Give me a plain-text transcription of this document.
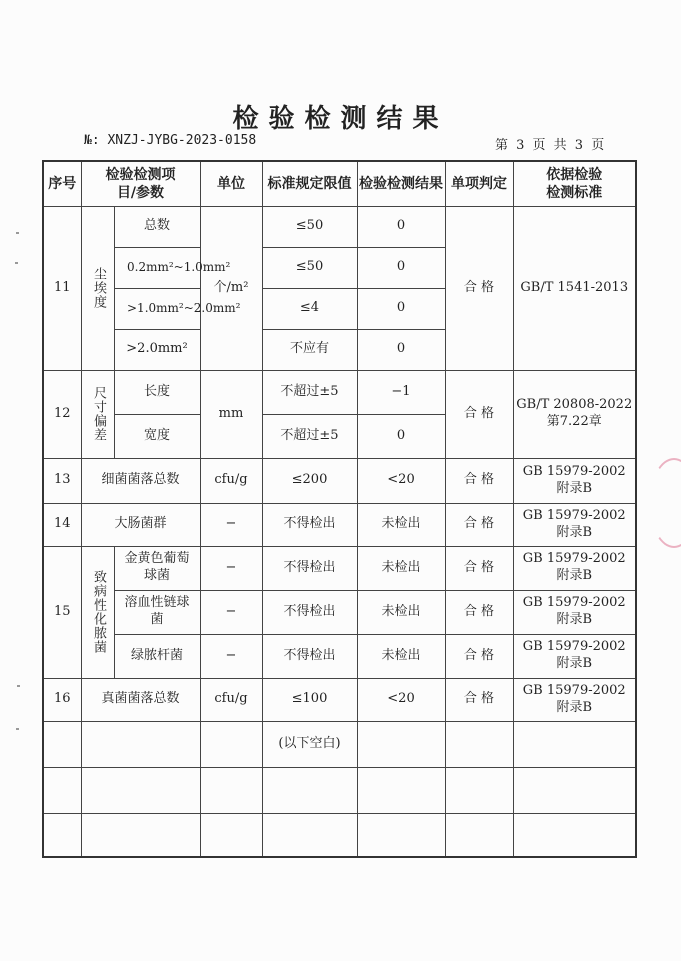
检验检测结果
№: XNZJ-JYBG-2023-0158	第 3 页 共 3 页
序号	检验检测项目/参数		单位	标准规定限值	检验检测结果	单项判定	依据检验检测标准

11	尘埃度	总数	个/m²	≤50	0	合 格	GB/T 1541-2013

		0.2mm²~1.0mm²		≤50	0		

		>1.0mm²~2.0mm²		≤4	0		
		>2.0mm²		不应有	0		
12	尺寸偏差	长度	mm	不超过±5	−1	合 格	GB/T 20808-2022
第7.22章

		宽度		不超过±5	0		
13	细菌菌落总数		cfu/g	≤200	<20	合 格	GB 15979-2002
附录B

14	大肠菌群		−	不得检出	未检出	合 格	GB 15979-2002
附录B

15	致病性化脓菌	金黄色葡萄球菌	−	不得检出	未检出	合 格	GB 15979-2002
附录B

		溶血性链球菌	−	不得检出	未检出	合 格	GB 15979-2002
附录B

		绿脓杆菌	−	不得检出	未检出	合 格	GB 15979-2002
附录B

16	真菌菌落总数		cfu/g	≤100	<20	合 格	GB 15979-2002
附录B

				(以下空白)			
